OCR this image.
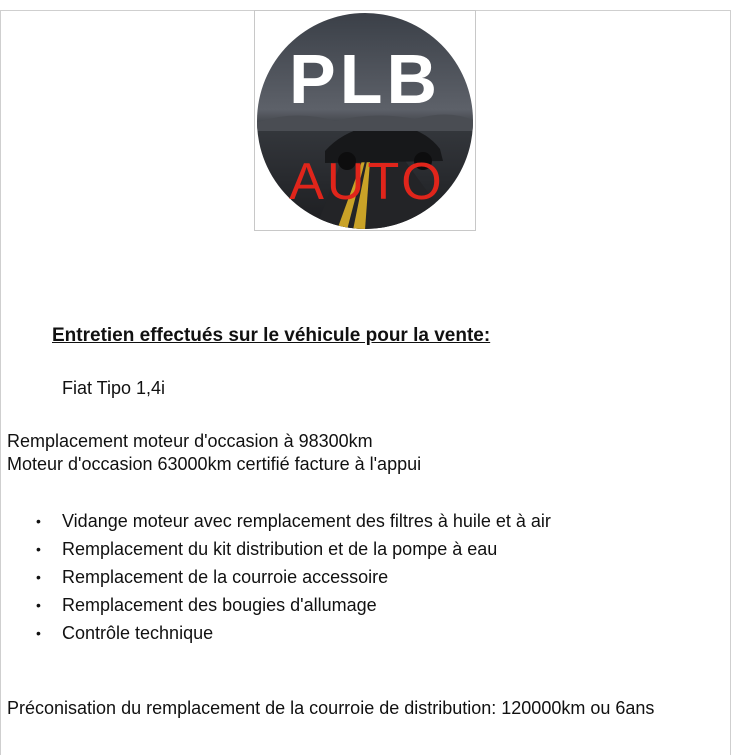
PLB
AUTO
Entretien effectués sur le véhicule pour la vente:
Fiat Tipo 1,4i
Remplacement moteur d'occasion à 98300km
Moteur d'occasion 63000km certifié facture à l'appui
• Vidange moteur avec remplacement des filtres à huile et à air
• Remplacement du kit distribution et de la pompe à eau
• Remplacement de la courroie accessoire
• Remplacement des bougies d'allumage
• Contrôle technique
Préconisation du remplacement de la courroie de distribution: 120000km ou 6ans
